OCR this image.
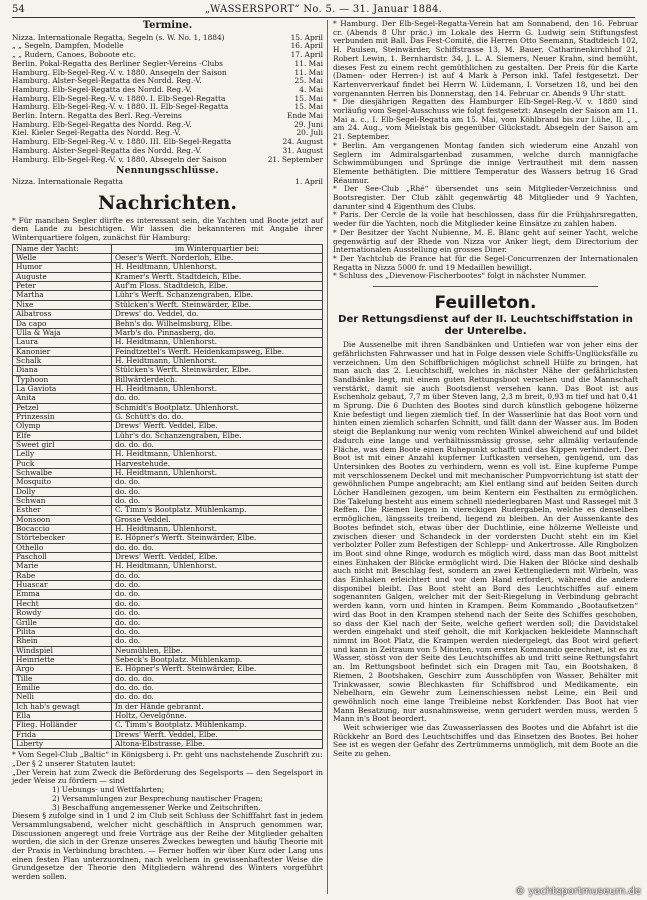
54	„WASSERSPORT“ No. 5. — 31. Januar 1884.
Termine.
Nizza. Internationale Regatta, Segeln (s. W. No. 1, 1884)	15. April
„ „ Segeln, Dampfen, Modelle	16. April
„ „ Rudern, Canoes, Boboote etc.	17. April
Berlin. Pokal-Regatta des Berliner Segler-Vereins -Clubs	11. Mai
Hamburg. Elb-Segel-Reg.-V. v. 1880. Ansegeln der Saison	11. Mai
Hamburg. Alster-Segel-Regatta des Nordd. Reg.-V.	25. Mai
Hamburg. Elb-Segel-Regatta des Nordd. Reg.-V.	4. Mai
Hamburg. Elb-Segel-Reg.-V. v. 1880. I. Elb-Segel-Regatta	15. Mai
Hamburg. Elb-Segel-Reg.-V. v. 1880. II. Elb-Segel-Regatta	15. Mai
Berlin. Intern. Regatta des Berl. Reg.-Vereins	Ende Mai
Hamburg. Elb-Segel-Regatta des Nordd. Reg.-V.	29. Juni
Kiel. Kieler Segel-Regatta des Nordd. Reg.-V.	20. Juli
Hamburg. Elb-Segel-Reg.-V. v. 1880. III. Elb-Segel-Regatta	24. August
Hamburg. Alster-Segel-Regatta des Nordd. Reg.-V.	31. August
Hamburg. Elb-Segel-Reg.-V. v. 1880. Absegeln der Saison	21. September
Nennungsschlüsse.
Nizza. Internationale Regatta	1. April
Nachrichten.
* Für manchen Segler dürfte es interessant sein, die Yachten und Boote jetzt auf dem Lande zu besichtigen. Wir lassen die bekannteren mit Angabe ihrer Winterquartiere folgen, zunächst für Hamburg:
Name der Yacht:	im Winterquartier bei:
Welle	Oeser's Werft. Norderloh, Elbe.
Humor	H. Heidtmann, Uhlenhorst.
Auguste	Kramer's Werft. Stadtdeich, Elbe.
Peter	Auf'm Floss. Stadtdeich, Elbe.
Martha	Lühr's Werft. Schanzengraben, Elbe.
Nixe	Stülcken's Werft. Steinwärder, Elbe.
Albatross	Drews' do. Veddel, do.
Da capo	Behn's do. Wilhelmsburg, Elbe.
Ulla & Waja	Marb's do. Pinnasberg, do.
Laura	H. Heidtmann, Uhlenhorst.
Kanonier	Feindtzettel's Werft. Heidenkampsweg, Elbe.
Schalk	H. Heidtmann, Uhlenhorst.
Diana	Stülcken's Werft. Steinwärder, Elbe.
Typhoon	Billwärderdeich.
La Gaviota	H. Heidtmann, Uhlenhorst.
Anita	do. do.
Petzel	Schmidt's Bootplatz. Uhlenhorst.
Prinzessin	G. Schütt's do. do.
Olymp	Drews' Werft. Veddel, Elbe.
Elfe	Lühr's do. Schanzengraben, Elbe.
Sweet girl	do. do. do.
Lelly	H. Heidtmann, Uhlenhorst.
Puck	Harvestehude.
Schwalbe	H. Heidtmann, Uhlenhorst.
Mosquito	do. do.
Dolly	do. do.
Schwan	do. do.
Esther	C. Timm's Bootplatz. Mühlenkamp.
Monsoon	Grosse Veddel.
Bocaccio	H. Heidtmann, Uhlenhorst.
Störtebecker	E. Höpner's Werft. Steinwärder, Elbe.
Othello	do. do. do.
Pascholl	Drews' Werft. Veddel, Elbe.
Marie	H. Heidtmann, Uhlenhorst.
Rabe	do. do.
Huascar	do. do.
Emma	do. do.
Hecht	do. do.
Rowdy	do. do.
Grille	do. do.
Pilita	do. do.
Rhein	do. do.
Windspiel	Neumühlen, Elbe.
Heinriette	Sebeck's Bootplatz. Mühlenkamp.
Argo	E. Höpner's Werft. Steinwärder, Elbe.
Tille	do. do. do.
Emilie	do. do. do.
Nelli	do. do. do.
Ich hab's gewagt	In der Hände gebrannt.
Ella	Holtz, Oevelgönne.
Flieg. Holländer	C. Timm's Bootplatz. Mühlenkamp.
Frida	Drews' Werft. Veddel, Elbe.
Liberty	Altona-Elbstrasse, Elbe.
* Vom Segel-Club „Baltic“ in Königsberg i. Pr. geht uns nachstehende Zuschrift zu:
„Der § 2 unserer Statuten lautet:
„Der Verein hat zum Zweck die Beförderung des Segelsports — den Segelsport in jeder Weise zu fördern — sind
1) Uebungs- und Wettfahrten;
2) Versammlungen zur Besprechung nautischer Fragen;
3) Beschaffung angemessener Werke und Zeitschriften.
Diesem § zufolge sind in 1 und 2 im Club seit Schluss der Schifffahrt fast in jedem Versammlungsabend, welcher nicht geschäftlich in Anspruch genommen war, Discussionen angeregt und freie Vorträge aus der Reihe der Mitglieder gehalten worden, die sich in der Grenze unseres Zweckes bewegten und häufig Theorie mit der Praxis in Verbindung brachten. — Ferner hoffen wir über Kurz oder Lang uns einen festen Plan unterzuordnen, nach welchem in gewissenhaftester Weise die Grundgesetze der Theorie den Mitgliedern während des Winters vorgeführt werden sollen.
* Hamburg. Der Elb-Segel-Regatta-Verein hat am Sonnabend, den 16. Februar cr. (Abends 8 Uhr präc.) im Lokale des Herrn G. Ludwig sein Stiftungsfest verbunden mit Ball. Das Fest-Comité, die Herren Otto Seemann, Stadtdeich 102, H. Paulsen, Steinwärder, Schiffstrasse 13, M. Bauer, Catharinenkirchhof 21, Robert Lewin, 1. Bernhardstr. 34, J. L. A. Siemers, Neuer Krahn, sind bemüht, dieses Fest zu einem recht gemüthlichen zu gestalten. Der Preis für die Karte (Damen- oder Herren-) ist auf 4 Mark à Person inkl. Tafel festgesetzt. Der Kartenververkauf findet bei Herrn W. Lüdemann, I. Vorsetzen 18, und bei den vorgenannten Herren bis Donnerstag, den 14. Februar cr. Abends 9 Uhr statt.
* Die diesjährigen Regatten des Hamburger Elb-Segel-Reg.-V. v. 1880 sind vorläufig vom Segel-Ausschuss wie folgt festgesetzt: Ansegeln der Saison am 11. Mai a. c., I. Elb-Segel-Regatta am 15. Mai, vom Köhlbrand bis zur Lühe, II. „ „ am 24. Aug., vom Mielstak bis gegenüber Glückstadt. Absegeln der Saison am 21. September.
* Berlin. Am vergangenen Montag fanden sich wiederum eine Anzahl von Seglern im Admiralsgartenbad zusammen, welche durch mannigfache Schwimmübungen und Sprünge die innige Vertrautheit mit dem nassen Elemente bethätigten. Die mittlere Temperatur des Wassers betrug 16 Grad Réaumur.
* Der See-Club „Rhé“ übersendet uns sein Mitglieder-Verzeichniss und Bootsregister. Der Club zählt gegenwärtig 48 Mitglieder und 9 Yachten, darunter sind 4 Eigenthum des Clubs.
* Paris. Der Cercle de la voile hat beschlossen, dass für die Frühjahrsregatten, weder für die Yachten, noch die Mitglieder keine Einsätze zu zahlen haben.
* Der Besitzer der Yacht Nubienne, M. E. Blanc geht auf seiner Yacht, welche gegenwärtig auf der Rhede von Nizza vor Anker liegt, dem Directorium der Internationalen Ausstellung ein grosses Diner.
* Der Yachtclub de France hat für die Segel-Concurrenzen der Internationalen Regatta in Nizza 5000 fr. und 19 Medaillen bewilligt.
* Schluss des „Dievenow-Fischerbootes“ folgt in nächster Nummer.
Feuilleton.
Der Rettungsdienst auf der II. Leuchtschiffstation in der Unterelbe.
Die Aussenelbe mit ihren Sandbänken und Untiefen war von jeher eins der gefährlichsten Fahrwasser und hat in Folge dessen viele Schiffs-Unglücksfälle zu verzeichnen. Um den Schiffbrüchigen möglichst schnell Hülfe zu bringen, hat man auch das 2. Leuchtschiff, welches in nächster Nähe der gefährlichsten Sandbänke liegt, mit einem guten Rettungsboot versehen und die Mannschaft verstärkt, damit sie auch Bootsdienst versehen kann. Das Boot ist aus Eschenholz gebaut, 7,7 m über Steven lang, 2,3 m breit, 0,93 m tief und hat 0,41 m Sprung. Die 6 Duchten des Bootes sind durch künstlich gebogene hölzerne Knie befestigt und liegen ziemlich tief. In der Wasserlinie hat das Boot vorn und hinten einen ziemlich scharfen Schnitt, und fällt dann der Wasser aus. Im Boden steigt die Beplankung nur wenig vom rechten Winkel abweichend auf und bildet dadurch eine lange und verhältnissmässig grosse, sehr allmälig verlaufende Fläche, was dem Boote einen Ruhepunkt schafft und das Kippen verhindert. Der Boot ist mit einer Anzahl kupferner Luftkasten versehen, genügend, um das Untersinken des Bootes zu verhindern, wenn es voll ist. Eine kupferne Pumpe mit verschlossenem Deckel und mit mechanischer Pumpvorrichtung ist statt der gewöhnlichen Pumpe angebracht; am Kiel entlang sind auf beiden Seiten durch Löcher Handleinen gezogen, um beim Kentern ein Festhalten zu ermöglichen. Die Takelung besteht aus einem schnell niederlegbaren Mast und Rassegel mit 3 Reffen. Die Riemen liegen in viereckigen Rudergabeln, welche es denselben ermöglichen, längsseits treibend, liegend zu bleiben. An der Aussenkante des Bootes befindet sich, etwas über der Duchtlinie, eine hölzerne Welleiste und zwischen dieser und Schandeck in der vordersten Ducht steht ein im Kiel verbolzter Poller zum Befestigen der Schlepp- und Ankertrosse. Alle Ringbolzen im Boot sind ohne Ringe, wodurch es möglich wird, dass man das Boot mittelst eines Einhaken der Blöcke ermöglicht wird. Die Haken der Blöcke sind deshalb auch nicht mit Beschlag fest, sondern an zwei Kettengliedern mit Wirbeln, was das Einhaken erleichtert und vor dem Hand erfordert, während die andere disponibel bleibt. Das Boot steht an Bord des Leuchtschiffes auf einem sogenannten Galgen, welcher mit der Seit-Riegelung in Verbindung gebracht werden kann, vorn und hinten in Krampen. Beim Kommando „Bootaufsetzen“ wird das Boot in den Krampen stehend nach der Seite des Schiffes geschoben, so dass der Kiel nach der Seite, welche gefiert werden soll; die Davidstakel werden eingehakt und steif geholt, die mit Korkjacken bekleidete Mannschaft nimmt im Boot Platz, die Krampen werden niedergelegt, das Boot wird gefiert und kann in Zeitraum von 5 Minuten, vom ersten Kommando gerechnet, ist es zu Wasser, stösst von der Seite des Leuchtschiffes ab und tritt seine Rettungsfahrt an. Im Rettungsboot befindet sich ein Dragen mit Tau, ein Bootshaken, 8 Riemen, 2 Bootshaken, Geschirr zum Ausschöpfen von Wasser, Behälter mit Trinkwasser, sowie Blechkasten für Schiffsbrod und Medikamente, ein Nebelhorn, ein Gewehr zum Leinenschiessen nebst Leine, ein Beil und gewöhnlich noch eine lange Treibleine nebst Korkfender. Das Boot hat vier Mann Besatzung, nur ausnahmsweise, wenn gerudert werden muss, werden 5 Mann in's Boot beordert.
Weit schwieriger wie das Zuwasserlassen des Bootes und die Abfahrt ist die Rückkehr an Bord des Leuchtschiffes und das Einsetzen des Bootes. Bei hoher See ist es wegen der Gefahr des Zertrümmerns unmöglich, mit dem Boote an die Seite zu gehen.
© yachtsportmuseum.de
